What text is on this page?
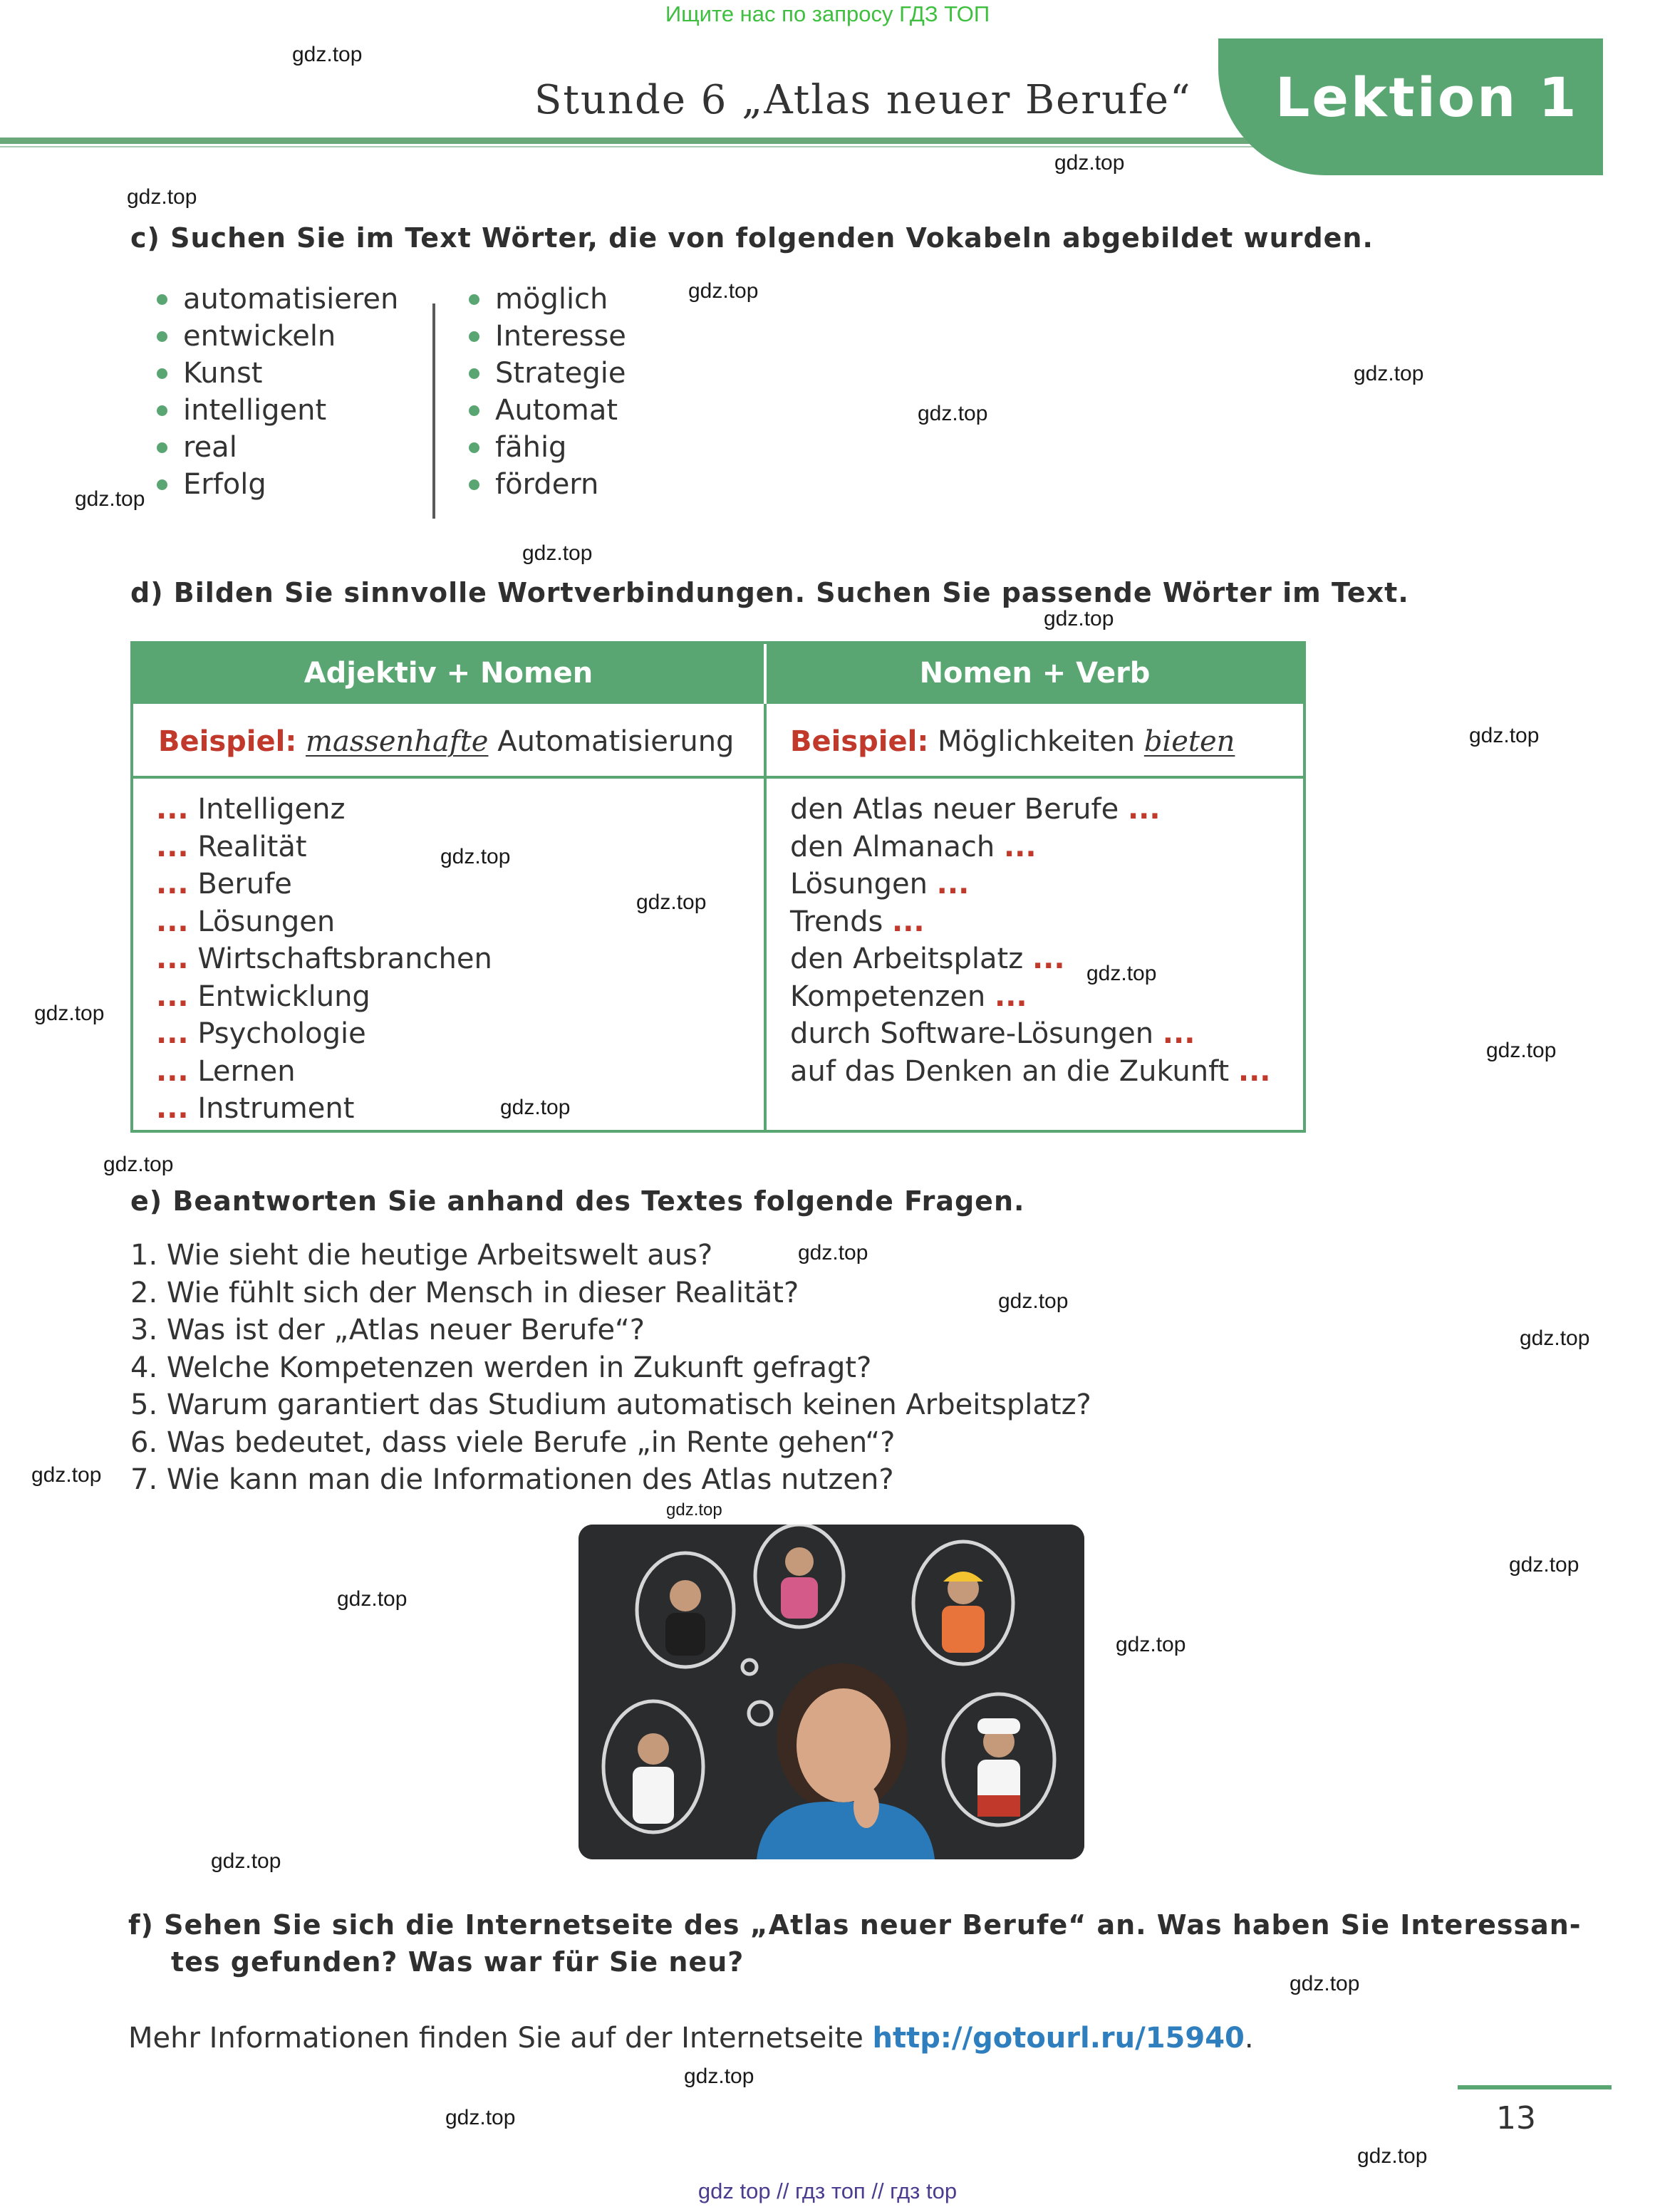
Ищите нас по запросу ГДЗ ТОП
Lektion 1
Stunde 6 „Atlas neuer Berufe“
c) Suchen Sie im Text Wörter, die von folgenden Vokabeln abgebildet wurden.
automatisieren
entwickeln
Kunst
intelligent
real
Erfolg
möglich
Interesse
Strategie
Automat
fähig
fördern
d) Bilden Sie sinnvolle Wortverbindungen. Suchen Sie passende Wörter im Text.
Adjektiv + Nomen	Nomen + Verb
Beispiel: massenhafte Automatisierung Beispiel: Möglichkeiten bieten
... Intelligenz
... Realität
... Berufe
... Lösungen
... Wirtschaftsbranchen
... Entwicklung
... Psychologie
... Lernen
... Instrument
den Atlas neuer Berufe ...
den Almanach ...
Lösungen ...
Trends ...
den Arbeitsplatz ...
Kompetenzen ...
durch Software-Lösungen ...
auf das Denken an die Zukunft ...
e) Beantworten Sie anhand des Textes folgende Fragen.
1. Wie sieht die heutige Arbeitswelt aus?
2. Wie fühlt sich der Mensch in dieser Realität?
3. Was ist der „Atlas neuer Berufe“?
4. Welche Kompetenzen werden in Zukunft gefragt?
5. Warum garantiert das Studium automatisch keinen Arbeitsplatz?
6. Was bedeutet, dass viele Berufe „in Rente gehen“?
7. Wie kann man die Informationen des Atlas nutzen?
f) Sehen Sie sich die Internetseite des „Atlas neuer Berufe“ an. Was haben Sie Interessan-
tes gefunden? Was war für Sie neu?
Mehr Informationen finden Sie auf der Internetseite http://gotourl.ru/15940.
13
gdz.top
gdz.top
gdz.top
gdz.top
gdz.top
gdz.top
gdz.top
gdz.top
gdz.top
gdz.top
gdz.top
gdz.top
gdz.top
gdz.top
gdz.top
gdz.top
gdz.top
gdz.top
gdz.top
gdz.top
gdz.top
gdz.top
gdz.top
gdz.top
gdz.top
gdz.top
gdz.top
gdz.top
gdz.top
gdz.top
gdz top // гдз топ // гдз top
